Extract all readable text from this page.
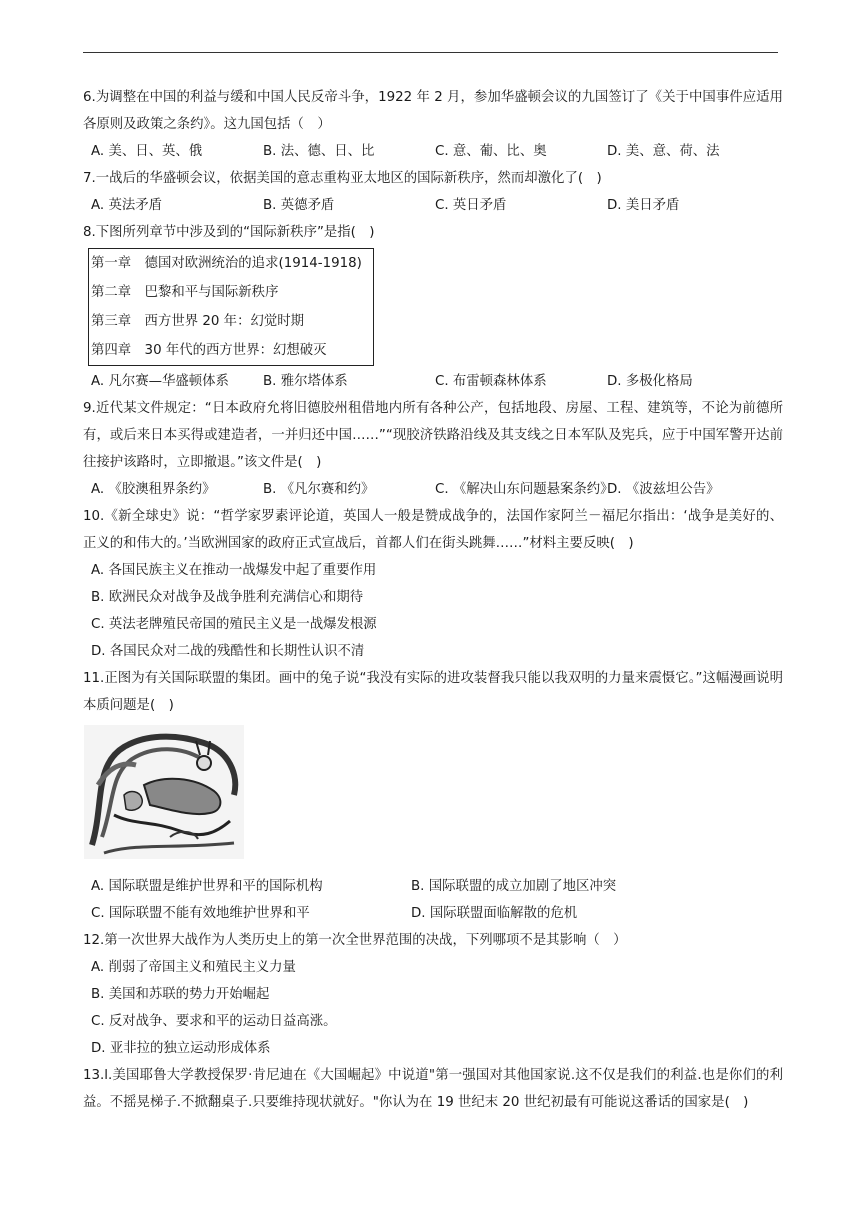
6.为调整在中国的利益与缓和中国人民反帝斗争，1922 年 2 月，参加华盛顿会议的九国签订了《关于中国事件应适用各原则及政策之条约》。这九国包括（　）

A. 美、日、英、俄	B. 法、德、日、比	C. 意、葡、比、奥	D. 美、意、荷、法

7.一战后的华盛顿会议，依据美国的意志重构亚太地区的国际新秩序，然而却激化了(　)

A. 英法矛盾	B. 英德矛盾	C. 英日矛盾	D. 美日矛盾

8.下图所列章节中涉及到的“国际新秩序”是指(　)

第一章　德国对欧洲统治的追求(1914-1918)
第二章　巴黎和平与国际新秩序
第三章　西方世界 20 年：幻觉时期
第四章　30 年代的西方世界：幻想破灭
A. 凡尔赛—华盛顿体系	B. 雅尔塔体系	C. 布雷顿森林体系	D. 多极化格局

9.近代某文件规定：“日本政府允将旧德胶州租借地内所有各种公产，包括地段、房屋、工程、建筑等，不论为前德所有，或后来日本买得或建造者，一并归还中国……”“现胶济铁路沿线及其支线之日本军队及宪兵，应于中国军警开达前往接护该路时，立即撤退。”该文件是(　)

A. 《胶澳租界条约》	B. 《凡尔赛和约》	C. 《解决山东问题悬案条约》
D. 《波兹坦公告》

10.《新全球史》说：“哲学家罗素评论道，英国人一般是赞成战争的，法国作家阿兰－福尼尔指出：‘战争是美好的、正义的和伟大的。’当欧洲国家的政府正式宣战后，首都人们在街头跳舞……”材料主要反映(　)

A. 各国民族主义在推动一战爆发中起了重要作用
B. 欧洲民众对战争及战争胜利充满信心和期待
C. 英法老牌殖民帝国的殖民主义是一战爆发根源
D. 各国民众对二战的残酷性和长期性认识不清

11.正图为有关国际联盟的集团。画中的兔子说“我没有实际的进攻装督我只能以我双明的力量来震慑它。”这幅漫画说明本质问题是(　)

A. 国际联盟是维护世界和平的国际机构	B. 国际联盟的成立加剧了地区冲突
C. 国际联盟不能有效地维护世界和平	D. 国际联盟面临解散的危机

12.第一次世界大战作为人类历史上的第一次全世界范围的决战，下列哪项不是其影响（　）

A. 削弱了帝国主义和殖民主义力量
B. 美国和苏联的势力开始崛起
C. 反对战争、要求和平的运动日益高涨。
D. 亚非拉的独立运动形成体系

13.l.美国耶鲁大学教授保罗·肯尼迪在《大国崛起》中说道"第一强国对其他国家说.这不仅是我们的利益.也是你们的利益。不摇晃梯子.不掀翻桌子.只要维持现状就好。"你认为在 19 世纪末 20 世纪初最有可能说这番话的国家是(　)
